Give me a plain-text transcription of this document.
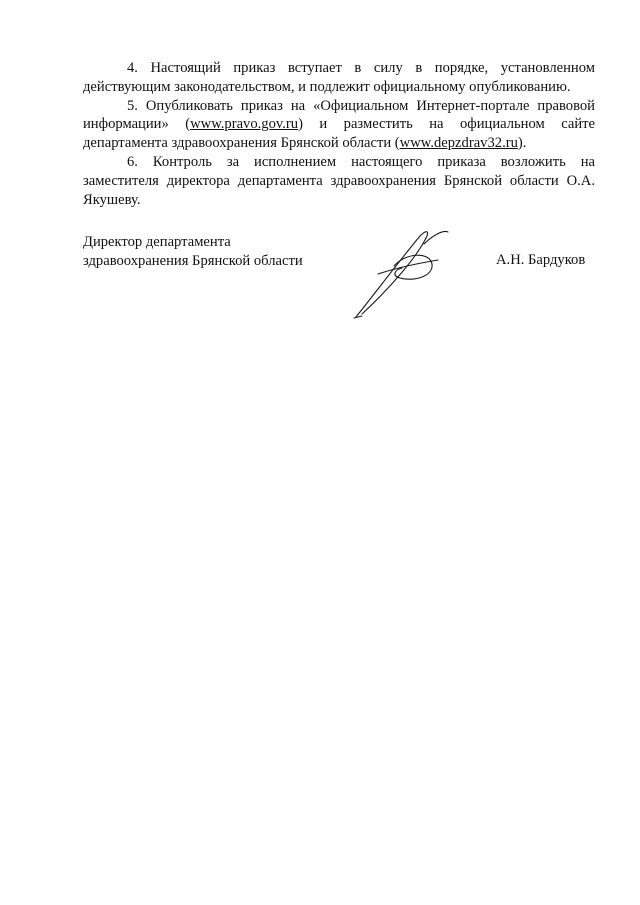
4. Настоящий приказ вступает в силу в порядке, установленном действующим законодательством, и подлежит официальному опубликованию.

5. Опубликовать приказ на «Официальном Интернет-портале правовой информации» (www.pravo.gov.ru) и разместить на официальном сайте департамента здравоохранения Брянской области (www.depzdrav32.ru).

6. Контроль за исполнением настоящего приказа возложить на заместителя директора департамента здравоохранения Брянской области О.А. Якушеву.

Директор департамента
здравоохранения Брянской области	А.Н. Бардуков
